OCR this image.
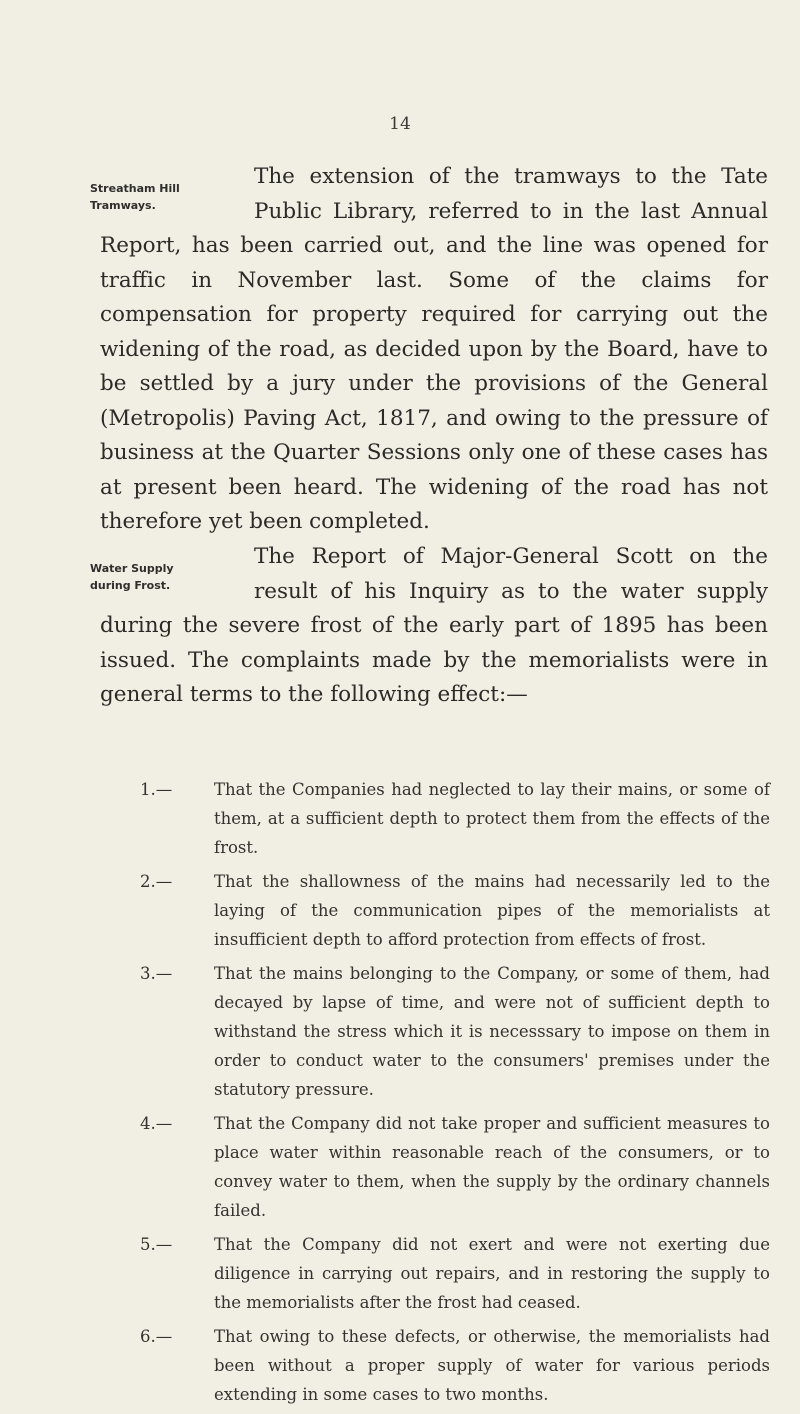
14
Streatham Hill
Tramways.

The extension of the tramways to the Tate Public Library, referred to in the last Annual Report, has been carried out, and the line was opened for traffic in November last. Some of the claims for compensation for property required for carrying out the widening of the road, as decided upon by the Board, have to be settled by a jury under the provisions of the General (Metropolis) Paving Act, 1817, and owing to the pressure of business at the Quarter Sessions only one of these cases has at present been heard. The widening of the road has not therefore yet been completed.

Water Supply
during Frost.

The Report of Major-General Scott on the result of his Inquiry as to the water supply during the severe frost of the early part of 1895 has been issued. The complaints made by the memorialists were in general terms to the following effect:—

1.—	That the Companies had neglected to lay their mains, or some of them, at a sufficient depth to protect them from the effects of the frost.
2.—	That the shallowness of the mains had necessarily led to the laying of the communication pipes of the memorialists at insufficient depth to afford protection from effects of frost.
3.—	That the mains belonging to the Company, or some of them, had decayed by lapse of time, and were not of sufficient depth to withstand the stress which it is necesssary to impose on them in order to conduct water to the consumers' premises under the statutory pressure.
4.—	That the Company did not take proper and sufficient measures to place water within reasonable reach of the consumers, or to convey water to them, when the supply by the ordinary channels failed.
5.—	That the Company did not exert and were not exerting due diligence in carrying out repairs, and in restoring the supply to the memorialists after the frost had ceased.
6.—	That owing to these defects, or otherwise, the memorialists had been without a proper supply of water for various periods extending in some cases to two months.
